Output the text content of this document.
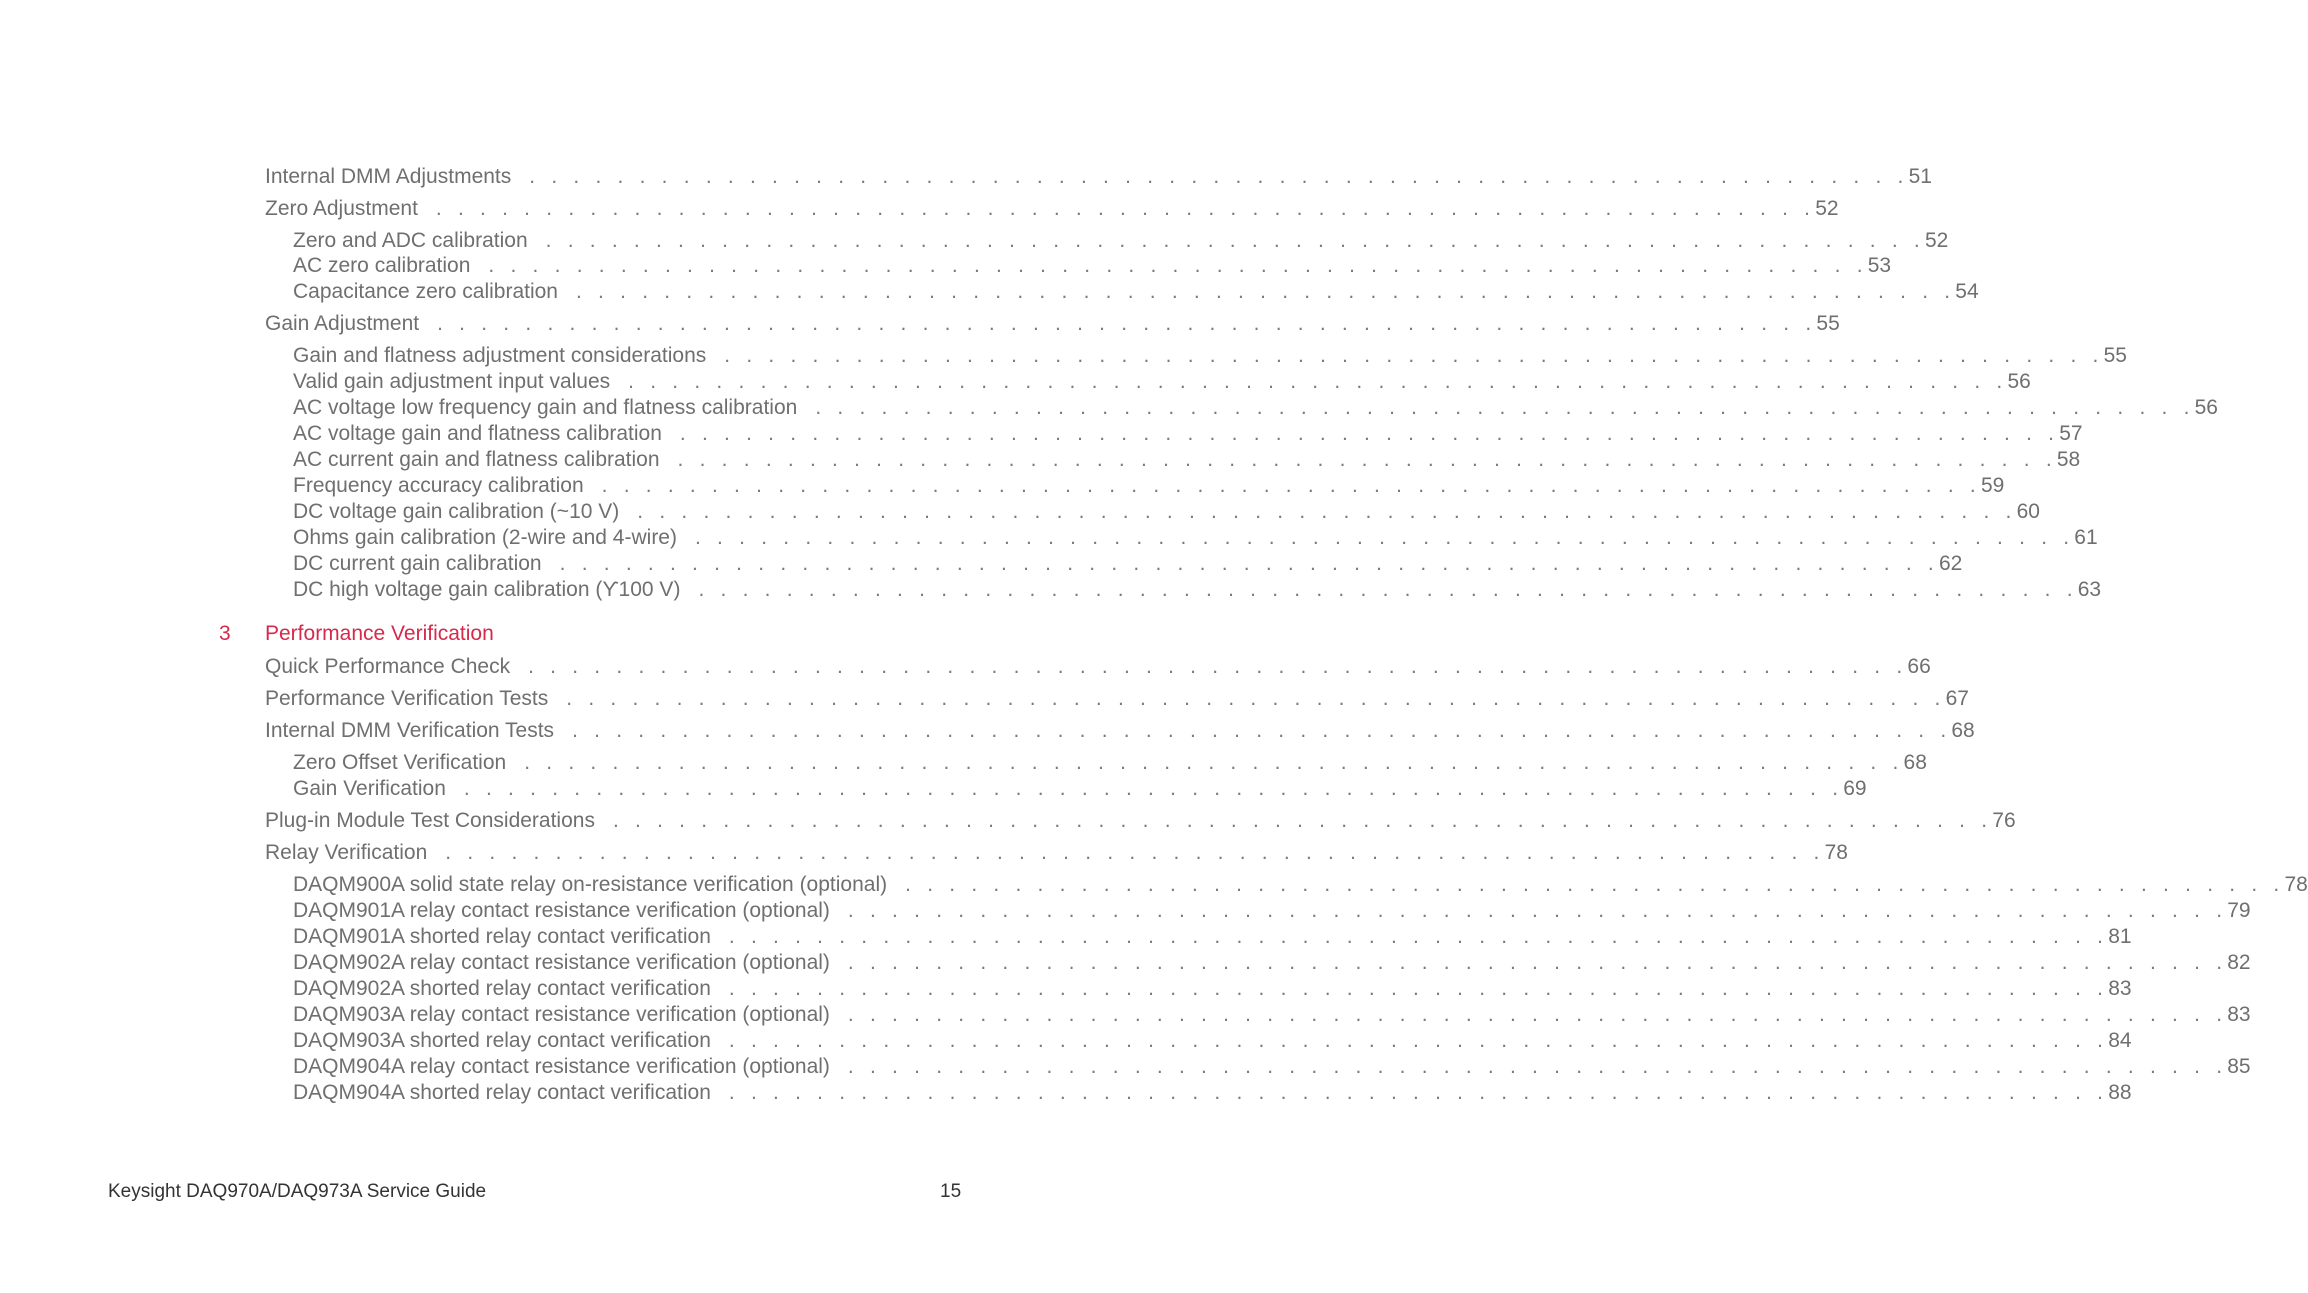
Internal DMM Adjustments . . . . . . . . . . . . . . . . . . . . . . . . . . . . . . . . . . . . . . . . . . . . . . . . . . . . . . . . . . . . . . . 51
Zero Adjustment . . . . . . . . . . . . . . . . . . . . . . . . . . . . . . . . . . . . . . . . . . . . . . . . . . . . . . . . . . . . . . . 52
Zero and ADC calibration . . . . . . . . . . . . . . . . . . . . . . . . . . . . . . . . . . . . . . . . . . . . . . . . . . . . . . . . . . . . . . . 52
AC zero calibration . . . . . . . . . . . . . . . . . . . . . . . . . . . . . . . . . . . . . . . . . . . . . . . . . . . . . . . . . . . . . . . 53
Capacitance zero calibration . . . . . . . . . . . . . . . . . . . . . . . . . . . . . . . . . . . . . . . . . . . . . . . . . . . . . . . . . . . . . . . 54
Gain Adjustment . . . . . . . . . . . . . . . . . . . . . . . . . . . . . . . . . . . . . . . . . . . . . . . . . . . . . . . . . . . . . . . 55
Gain and flatness adjustment considerations . . . . . . . . . . . . . . . . . . . . . . . . . . . . . . . . . . . . . . . . . . . . . . . . . . . . . . . . . . . . . . . 55
Valid gain adjustment input values . . . . . . . . . . . . . . . . . . . . . . . . . . . . . . . . . . . . . . . . . . . . . . . . . . . . . . . . . . . . . . . 56
AC voltage low frequency gain and flatness calibration . . . . . . . . . . . . . . . . . . . . . . . . . . . . . . . . . . . . . . . . . . . . . . . . . . . . . . . . . . . . . . . 56
AC voltage gain and flatness calibration . . . . . . . . . . . . . . . . . . . . . . . . . . . . . . . . . . . . . . . . . . . . . . . . . . . . . . . . . . . . . . . 57
AC current gain and flatness calibration . . . . . . . . . . . . . . . . . . . . . . . . . . . . . . . . . . . . . . . . . . . . . . . . . . . . . . . . . . . . . . . 58
Frequency accuracy calibration . . . . . . . . . . . . . . . . . . . . . . . . . . . . . . . . . . . . . . . . . . . . . . . . . . . . . . . . . . . . . . . 59
DC voltage gain calibration (~10 V) . . . . . . . . . . . . . . . . . . . . . . . . . . . . . . . . . . . . . . . . . . . . . . . . . . . . . . . . . . . . . . . 60
Ohms gain calibration (2-wire and 4-wire) . . . . . . . . . . . . . . . . . . . . . . . . . . . . . . . . . . . . . . . . . . . . . . . . . . . . . . . . . . . . . . . 61
DC current gain calibration . . . . . . . . . . . . . . . . . . . . . . . . . . . . . . . . . . . . . . . . . . . . . . . . . . . . . . . . . . . . . . . 62
DC high voltage gain calibration (ϒ100 V) . . . . . . . . . . . . . . . . . . . . . . . . . . . . . . . . . . . . . . . . . . . . . . . . . . . . . . . . . . . . . . . 63
3 Performance Verification
Quick Performance Check . . . . . . . . . . . . . . . . . . . . . . . . . . . . . . . . . . . . . . . . . . . . . . . . . . . . . . . . . . . . . . . 66
Performance Verification Tests . . . . . . . . . . . . . . . . . . . . . . . . . . . . . . . . . . . . . . . . . . . . . . . . . . . . . . . . . . . . . . . 67
Internal DMM Verification Tests . . . . . . . . . . . . . . . . . . . . . . . . . . . . . . . . . . . . . . . . . . . . . . . . . . . . . . . . . . . . . . . 68
Zero Offset Verification . . . . . . . . . . . . . . . . . . . . . . . . . . . . . . . . . . . . . . . . . . . . . . . . . . . . . . . . . . . . . . . 68
Gain Verification . . . . . . . . . . . . . . . . . . . . . . . . . . . . . . . . . . . . . . . . . . . . . . . . . . . . . . . . . . . . . . . 69
Plug-in Module Test Considerations . . . . . . . . . . . . . . . . . . . . . . . . . . . . . . . . . . . . . . . . . . . . . . . . . . . . . . . . . . . . . . . 76
Relay Verification . . . . . . . . . . . . . . . . . . . . . . . . . . . . . . . . . . . . . . . . . . . . . . . . . . . . . . . . . . . . . . . 78
DAQM900A solid state relay on-resistance verification (optional) . . . . . . . . . . . . . . . . . . . . . . . . . . . . . . . . . . . . . . . . . . . . . . . . . . . . . . . . . . . . . . . 78
DAQM901A relay contact resistance verification (optional) . . . . . . . . . . . . . . . . . . . . . . . . . . . . . . . . . . . . . . . . . . . . . . . . . . . . . . . . . . . . . . . 79
DAQM901A shorted relay contact verification . . . . . . . . . . . . . . . . . . . . . . . . . . . . . . . . . . . . . . . . . . . . . . . . . . . . . . . . . . . . . . . 81
DAQM902A relay contact resistance verification (optional) . . . . . . . . . . . . . . . . . . . . . . . . . . . . . . . . . . . . . . . . . . . . . . . . . . . . . . . . . . . . . . . 82
DAQM902A shorted relay contact verification . . . . . . . . . . . . . . . . . . . . . . . . . . . . . . . . . . . . . . . . . . . . . . . . . . . . . . . . . . . . . . . 83
DAQM903A relay contact resistance verification (optional) . . . . . . . . . . . . . . . . . . . . . . . . . . . . . . . . . . . . . . . . . . . . . . . . . . . . . . . . . . . . . . . 83
DAQM903A shorted relay contact verification . . . . . . . . . . . . . . . . . . . . . . . . . . . . . . . . . . . . . . . . . . . . . . . . . . . . . . . . . . . . . . . 84
DAQM904A relay contact resistance verification (optional) . . . . . . . . . . . . . . . . . . . . . . . . . . . . . . . . . . . . . . . . . . . . . . . . . . . . . . . . . . . . . . . 85
DAQM904A shorted relay contact verification . . . . . . . . . . . . . . . . . . . . . . . . . . . . . . . . . . . . . . . . . . . . . . . . . . . . . . . . . . . . . . . 88
Keysight DAQ970A/DAQ973A Service Guide	15
